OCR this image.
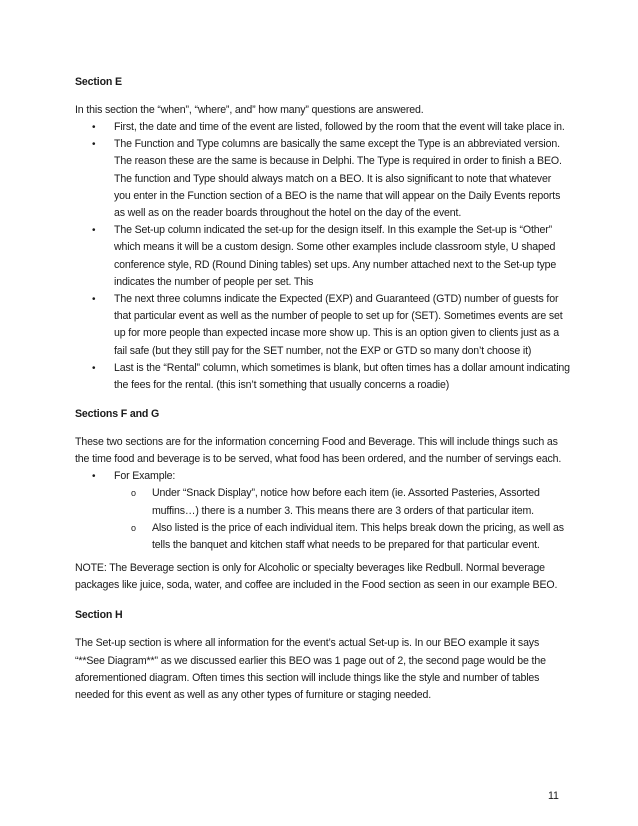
Section E

In this section the “when”, “where”, and” how many” questions are answered.

• First, the date and time of the event are listed, followed by the room that the event will take place in.
• The Function and Type columns are basically the same except the Type is an abbreviated version. The reason these are the same is because in Delphi. The Type is required in order to finish a BEO. The function and Type should always match on a BEO. It is also significant to note that whatever you enter in the Function section of a BEO is the name that will appear on the Daily Events reports as well as on the reader boards throughout the hotel on the day of the event.
• The Set-up column indicated the set-up for the design itself. In this example the Set-up is “Other” which means it will be a custom design. Some other examples include classroom style, U shaped conference style, RD (Round Dining tables) set ups. Any number attached next to the Set-up type indicates the number of people per set. This
• The next three columns indicate the Expected (EXP) and Guaranteed (GTD) number of guests for that particular event as well as the number of people to set up for (SET). Sometimes events are set up for more people than expected incase more show up. This is an option given to clients just as a fail safe (but they still pay for the SET number, not the EXP or GTD so many don’t choose it)
• Last is the “Rental” column, which sometimes is blank, but often times has a dollar amount indicating the fees for the rental. (this isn’t something that usually concerns a roadie)
Sections F and G

These two sections are for the information concerning Food and Beverage. This will include things such as the time food and beverage is to be served, what food has been ordered, and the number of servings each.

• For Example:
o Under “Snack Display”, notice how before each item (ie. Assorted Pasteries, Assorted muffins…) there is a number 3. This means there are 3 orders of that particular item.
o Also listed is the price of each individual item. This helps break down the pricing, as well as tells the banquet and kitchen staff what needs to be prepared for that particular event.

NOTE: The Beverage section is only for Alcoholic or specialty beverages like Redbull. Normal beverage packages like juice, soda, water, and coffee are included in the Food section as seen in our example BEO.

Section H

The Set-up section is where all information for the event’s actual Set-up is. In our BEO example it says “**See Diagram**” as we discussed earlier this BEO was 1 page out of 2, the second page would be the aforementioned diagram. Often times this section will include things like the style and number of tables needed for this event as well as any other types of furniture or staging needed.

11
